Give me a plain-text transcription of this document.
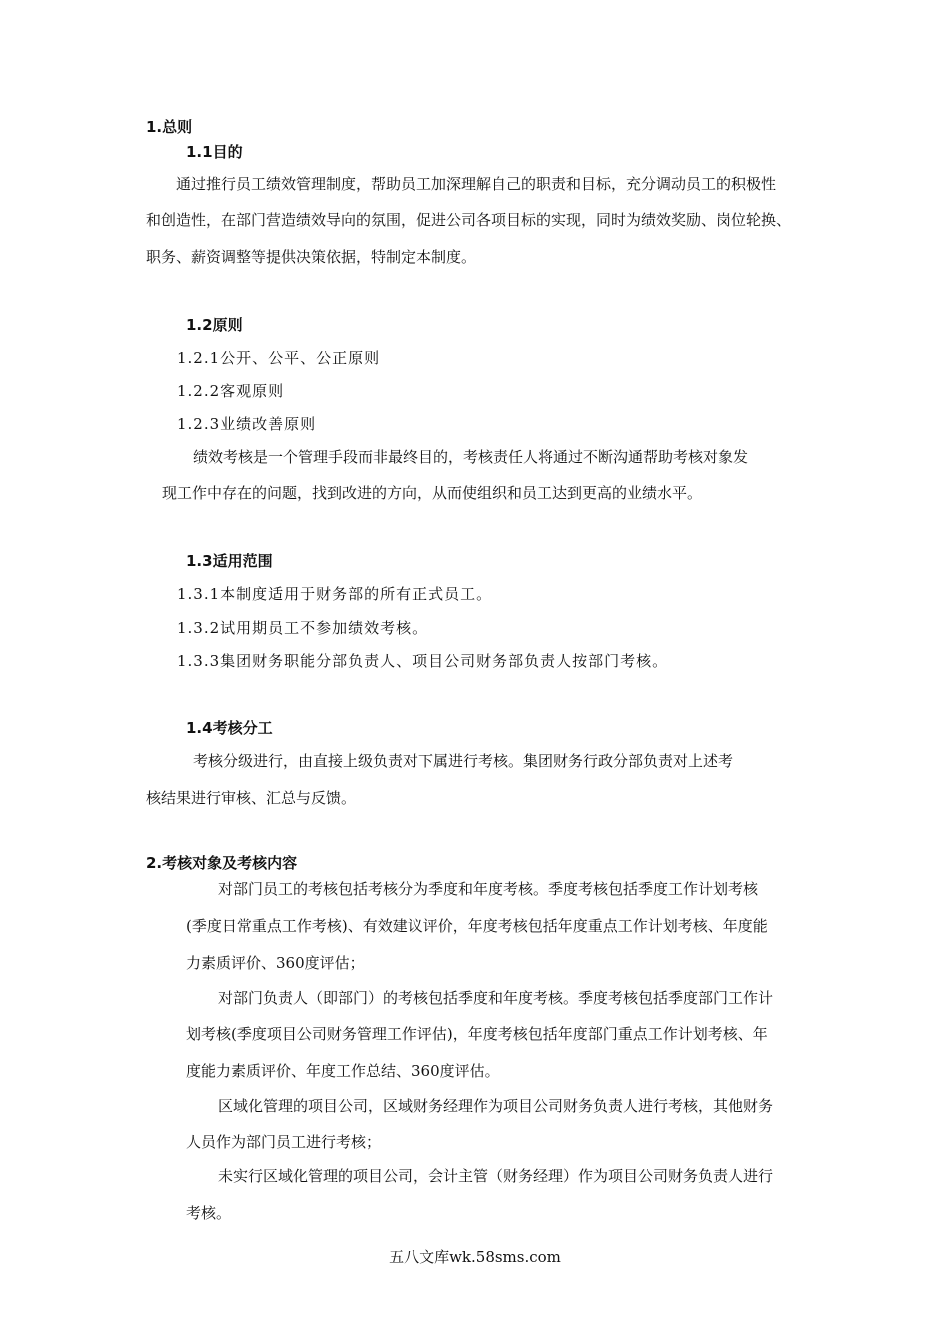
1.总则
1.1目的
通过推行员工绩效管理制度，帮助员工加深理解自己的职责和目标，充分调动员工的积极性
和创造性，在部门营造绩效导向的氛围，促进公司各项目标的实现，同时为绩效奖励、岗位轮换、
职务、薪资调整等提供决策依据，特制定本制度。
1.2原则
1.2.1公开、公平、公正原则
1.2.2客观原则
1.2.3业绩改善原则
绩效考核是一个管理手段而非最终目的，考核责任人将通过不断沟通帮助考核对象发
现工作中存在的问题，找到改进的方向，从而使组织和员工达到更高的业绩水平。
1.3适用范围
1.3.1本制度适用于财务部的所有正式员工。
1.3.2试用期员工不参加绩效考核。
1.3.3集团财务职能分部负责人、项目公司财务部负责人按部门考核。
1.4考核分工
考核分级进行，由直接上级负责对下属进行考核。集团财务行政分部负责对上述考
核结果进行审核、汇总与反馈。
2.考核对象及考核内容
对部门员工的考核包括考核分为季度和年度考核。季度考核包括季度工作计划考核
(季度日常重点工作考核)、有效建议评价，年度考核包括年度重点工作计划考核、年度能
力素质评价、360度评估；
对部门负责人（即部门）的考核包括季度和年度考核。季度考核包括季度部门工作计
划考核(季度项目公司财务管理工作评估)，年度考核包括年度部门重点工作计划考核、年
度能力素质评价、年度工作总结、360度评估。
区域化管理的项目公司，区域财务经理作为项目公司财务负责人进行考核，其他财务
人员作为部门员工进行考核；
未实行区域化管理的项目公司，会计主管（财务经理）作为项目公司财务负责人进行
考核。
五八文库wk.58sms.com
